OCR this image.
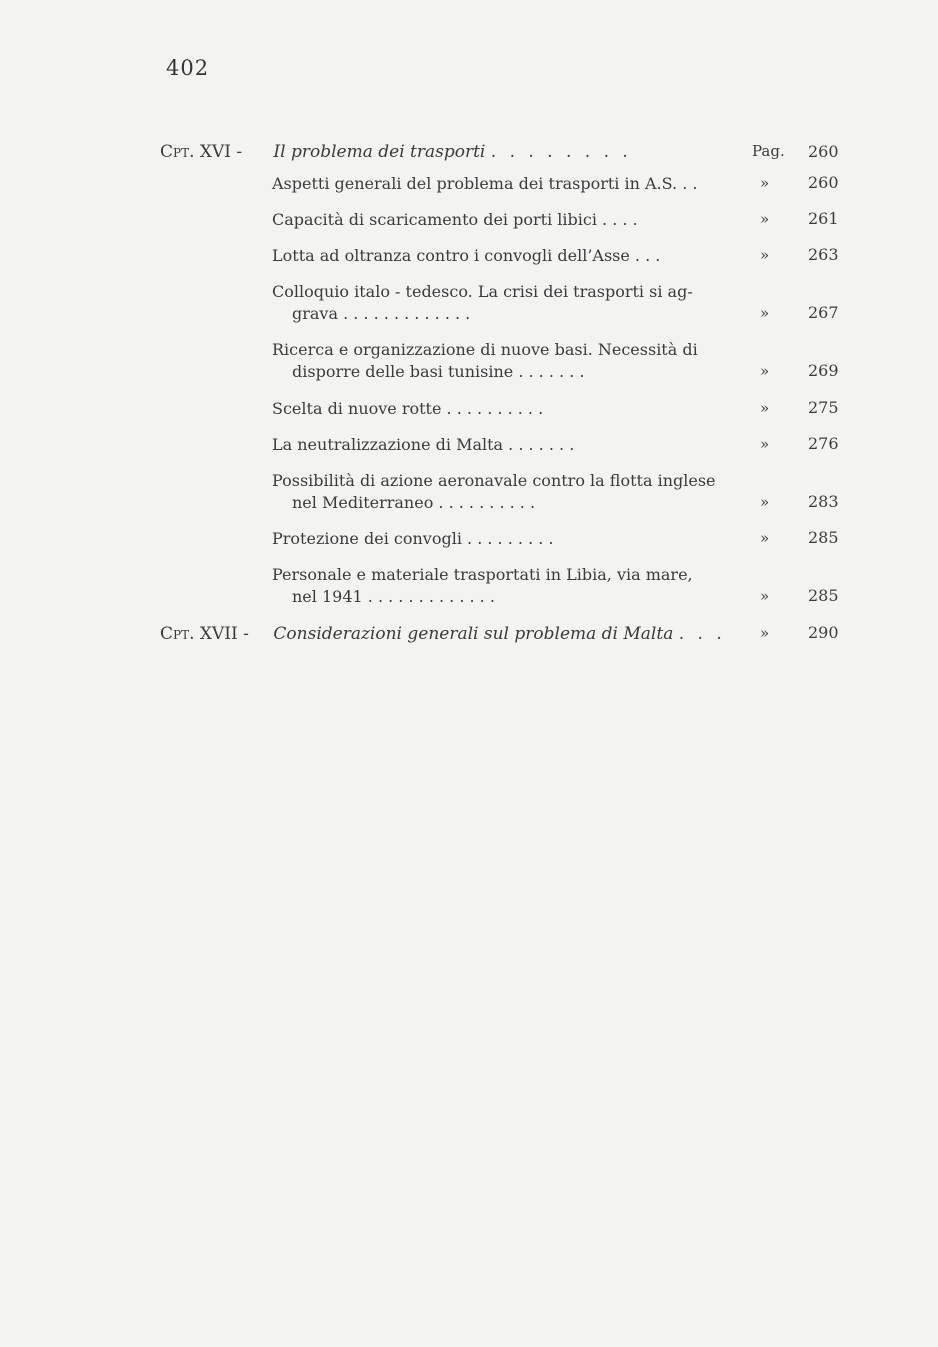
402
Cpt. XVI - Il problema dei trasporti . . . . . . . .	Pag. 260
Aspetti generali del problema dei trasporti in A.S. . .	» 260
Capacità di scaricamento dei porti libici . . . .	» 261
Lotta ad oltranza contro i convogli dell’Asse . . .	» 263
Colloquio italo - tedesco. La crisi dei trasporti si ag-
grava . . . . . . . . . . . . .	» 267
Ricerca e organizzazione di nuove basi. Necessità di
disporre delle basi tunisine . . . . . . .	» 269
Scelta di nuove rotte . . . . . . . . . .	» 275
La neutralizzazione di Malta . . . . . . .	» 276
Possibilità di azione aeronavale contro la flotta inglese
nel Mediterraneo . . . . . . . . . .	» 283
Protezione dei convogli . . . . . . . . .	» 285
Personale e materiale trasportati in Libia, via mare,
nel 1941 . . . . . . . . . . . . .	» 285
Cpt. XVII - Considerazioni generali sul problema di Malta . . .	» 290
